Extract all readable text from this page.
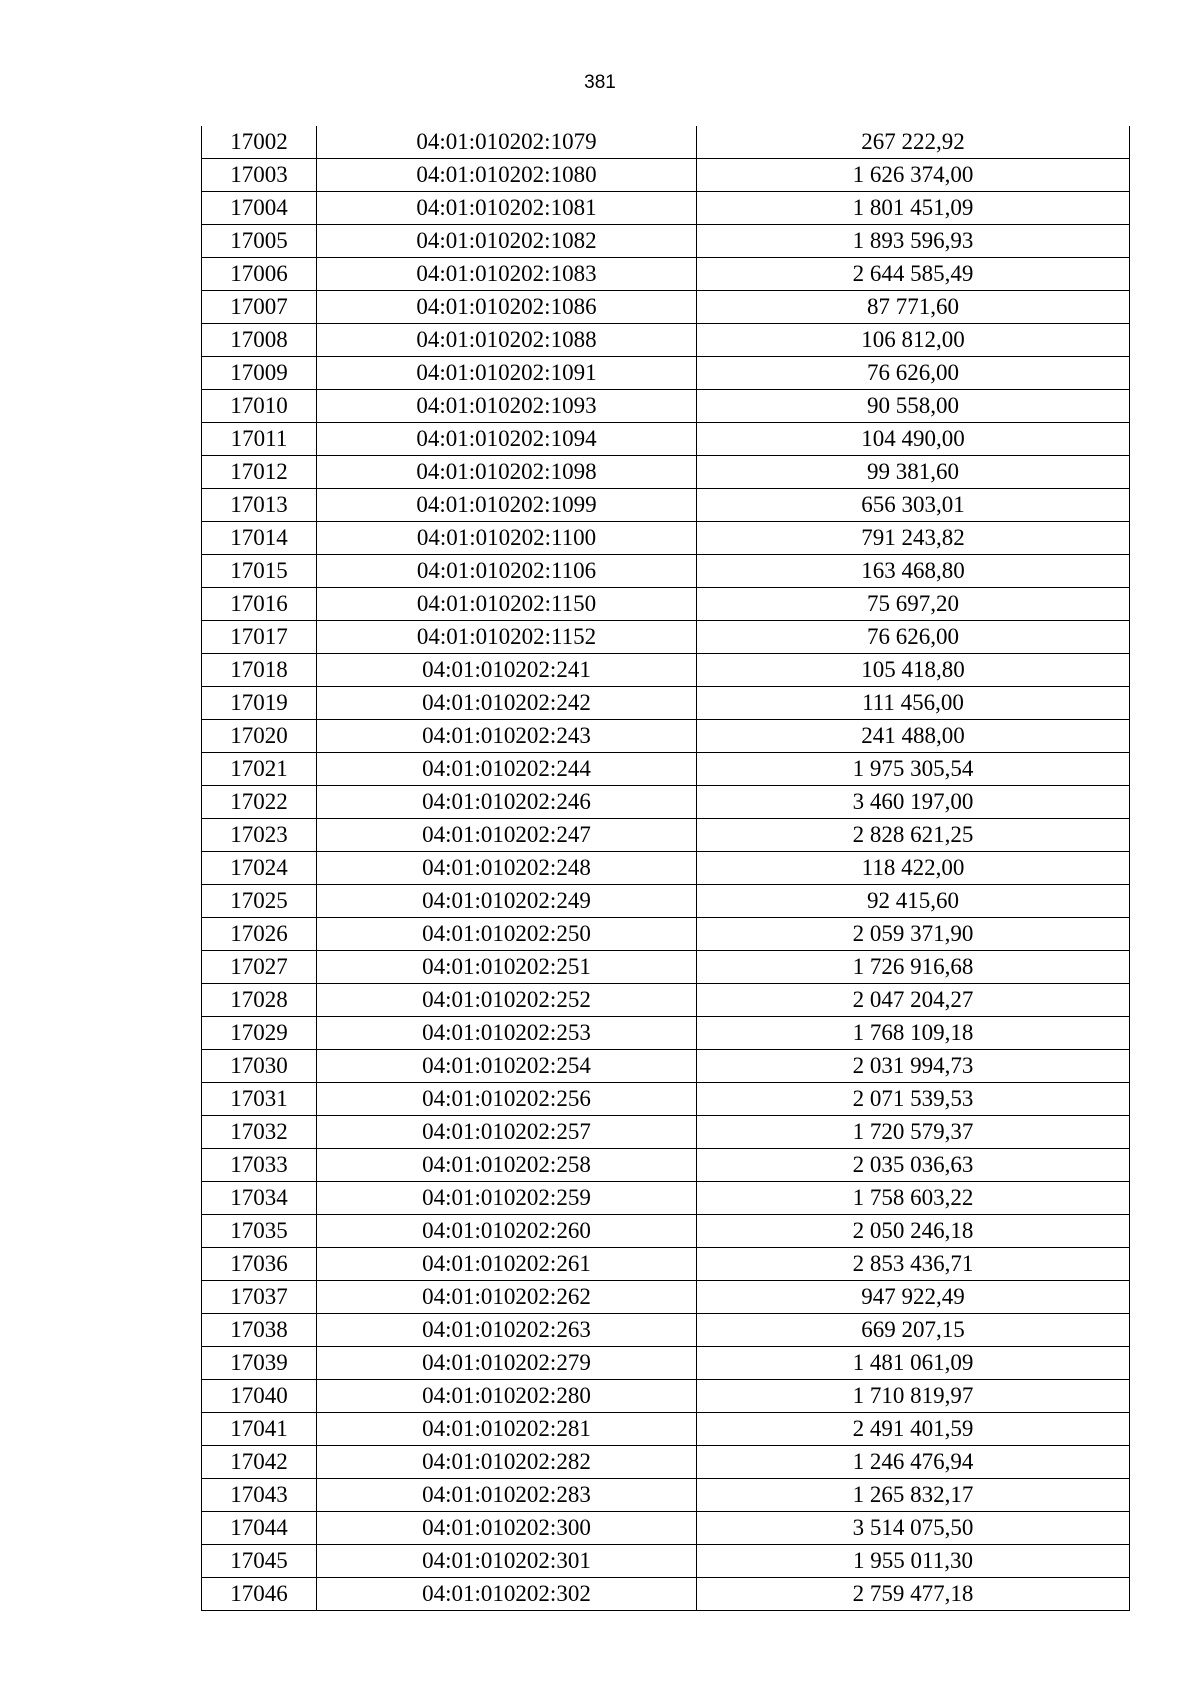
381
17002	04:01:010202:1079	267 222,92
17003	04:01:010202:1080	1 626 374,00
17004	04:01:010202:1081	1 801 451,09
17005	04:01:010202:1082	1 893 596,93
17006	04:01:010202:1083	2 644 585,49
17007	04:01:010202:1086	87 771,60
17008	04:01:010202:1088	106 812,00
17009	04:01:010202:1091	76 626,00
17010	04:01:010202:1093	90 558,00
17011	04:01:010202:1094	104 490,00
17012	04:01:010202:1098	99 381,60
17013	04:01:010202:1099	656 303,01
17014	04:01:010202:1100	791 243,82
17015	04:01:010202:1106	163 468,80
17016	04:01:010202:1150	75 697,20
17017	04:01:010202:1152	76 626,00
17018	04:01:010202:241	105 418,80
17019	04:01:010202:242	111 456,00
17020	04:01:010202:243	241 488,00
17021	04:01:010202:244	1 975 305,54
17022	04:01:010202:246	3 460 197,00
17023	04:01:010202:247	2 828 621,25
17024	04:01:010202:248	118 422,00
17025	04:01:010202:249	92 415,60
17026	04:01:010202:250	2 059 371,90
17027	04:01:010202:251	1 726 916,68
17028	04:01:010202:252	2 047 204,27
17029	04:01:010202:253	1 768 109,18
17030	04:01:010202:254	2 031 994,73
17031	04:01:010202:256	2 071 539,53
17032	04:01:010202:257	1 720 579,37
17033	04:01:010202:258	2 035 036,63
17034	04:01:010202:259	1 758 603,22
17035	04:01:010202:260	2 050 246,18
17036	04:01:010202:261	2 853 436,71
17037	04:01:010202:262	947 922,49
17038	04:01:010202:263	669 207,15
17039	04:01:010202:279	1 481 061,09
17040	04:01:010202:280	1 710 819,97
17041	04:01:010202:281	2 491 401,59
17042	04:01:010202:282	1 246 476,94
17043	04:01:010202:283	1 265 832,17
17044	04:01:010202:300	3 514 075,50
17045	04:01:010202:301	1 955 011,30
17046	04:01:010202:302	2 759 477,18
